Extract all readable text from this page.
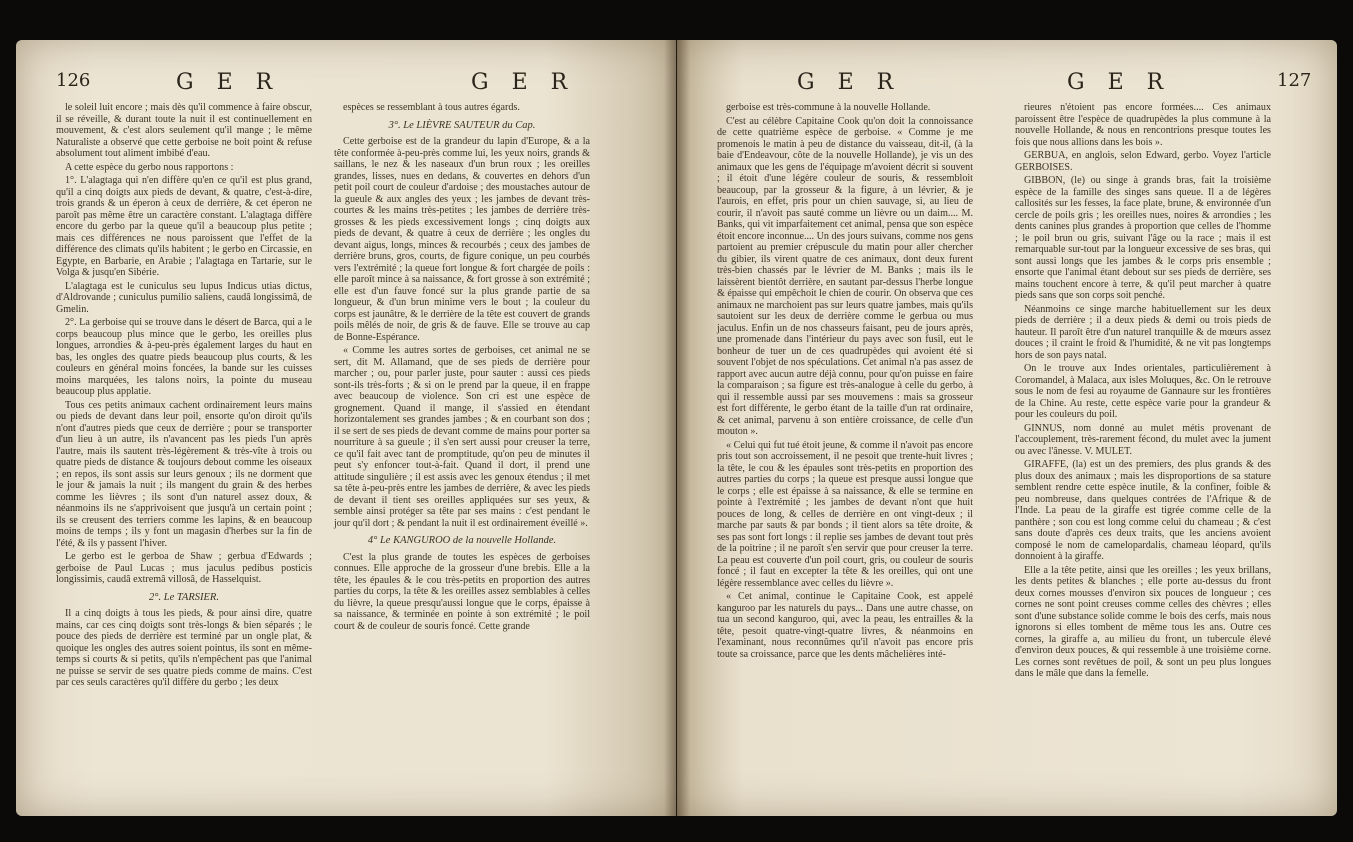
126	G E R	G E R

le soleil luit encore ; mais dès qu'il commence à faire obscur, il se réveille, & durant toute la nuit il est continuellement en mouvement, & c'est alors seulement qu'il mange ; le même Naturaliste a observé que cette gerboise ne boit point & refuse absolument tout aliment imbibé d'eau.

A cette espèce du gerbo nous rapportons :

1°. L'alagtaga qui n'en diffère qu'en ce qu'il est plus grand, qu'il a cinq doigts aux pieds de devant, & quatre, c'est-à-dire, trois grands & un éperon à ceux de derrière, & cet éperon ne paroît pas même être un caractère constant. L'alagtaga diffère encore du gerbo par la queue qu'il a beaucoup plus petite ; mais ces différences ne nous paroissent que l'effet de la différence des climats qu'ils habitent ; le gerbo en Circassie, en Egypte, en Barbarie, en Arabie ; l'alagtaga en Tartarie, sur le Volga & jusqu'en Sibérie.

L'alagtaga est le cuniculus seu lupus Indicus utias dictus, d'Aldrovande ; cuniculus pumilio saliens, caudâ longissimâ, de Gmelin.

2°. La gerboise qui se trouve dans le désert de Barca, qui a le corps beaucoup plus mince que le gerbo, les oreilles plus longues, arrondies & à-peu-près également larges du haut en bas, les ongles des quatre pieds beaucoup plus courts, & les couleurs en général moins foncées, la bande sur les cuisses moins marquées, les talons noirs, la pointe du museau beaucoup plus applatie.

Tous ces petits animaux cachent ordinairement leurs mains ou pieds de devant dans leur poil, ensorte qu'on diroit qu'ils n'ont d'autres pieds que ceux de derrière ; pour se transporter d'un lieu à un autre, ils n'avancent pas les pieds l'un après l'autre, mais ils sautent très-légèrement & très-vîte à trois ou quatre pieds de distance & toujours debout comme les oiseaux ; en repos, ils sont assis sur leurs genoux ; ils ne dorment que le jour & jamais la nuit ; ils mangent du grain & des herbes comme les lièvres ; ils sont d'un naturel assez doux, & néanmoins ils ne s'apprivoisent que jusqu'à un certain point ; ils se creusent des terriers comme les lapins, & en beaucoup moins de temps ; ils y font un magasin d'herbes sur la fin de l'été, & ils y passent l'hiver.

Le gerbo est le gerboa de Shaw ; gerbua d'Edwards ; gerboise de Paul Lucas ; mus jaculus pedibus posticis longissimis, caudâ extremâ villosâ, de Hasselquist.

2°. Le TARSIER.

Il a cinq doigts à tous les pieds, & pour ainsi dire, quatre mains, car ces cinq doigts sont très-longs & bien séparés ; le pouce des pieds de derrière est terminé par un ongle plat, & quoique les ongles des autres soient pointus, ils sont en même-temps si courts & si petits, qu'ils n'empêchent pas que l'animal ne puisse se servir de ses quatre pieds comme de mains. C'est par ces seuls caractères qu'il diffère du gerbo ; les deux

espèces se ressemblant à tous autres égards.

3°. Le LIÈVRE SAUTEUR du Cap.

Cette gerboise est de la grandeur du lapin d'Europe, & a la tête conformée à-peu-près comme lui, les yeux noirs, grands & saillans, le nez & les naseaux d'un brun roux ; les oreilles grandes, lisses, nues en dedans, & couvertes en dehors d'un petit poil court de couleur d'ardoise ; des moustaches autour de la gueule & aux angles des yeux ; les jambes de devant très-courtes & les mains très-petites ; les jambes de derrière très-grosses & les pieds excessivement longs ; cinq doigts aux pieds de devant, & quatre à ceux de derrière ; les ongles du devant aigus, longs, minces & recourbés ; ceux des jambes de derrière bruns, gros, courts, de figure conique, un peu courbés vers l'extrémité ; la queue fort longue & fort chargée de poils : elle paroît mince à sa naissance, & fort grosse à son extrémité ; elle est d'un fauve foncé sur la plus grande partie de sa longueur, & d'un brun minime vers le bout ; la couleur du corps est jaunâtre, & le derrière de la tête est couvert de grands poils mêlés de noir, de gris & de fauve. Elle se trouve au cap de Bonne-Espérance.

« Comme les autres sortes de gerboises, cet animal ne se sert, dit M. Allamand, que de ses pieds de derrière pour marcher ; ou, pour parler juste, pour sauter : aussi ces pieds sont-ils très-forts ; & si on le prend par la queue, il en frappe avec beaucoup de violence. Son cri est une espèce de grognement. Quand il mange, il s'assied en étendant horizontalement ses grandes jambes ; & en courbant son dos ; il se sert de ses pieds de devant comme de mains pour porter sa nourriture à sa gueule ; il s'en sert aussi pour creuser la terre, ce qu'il fait avec tant de promptitude, qu'on peu de minutes il peut s'y enfoncer tout-à-fait. Quand il dort, il prend une attitude singulière ; il est assis avec les genoux étendus ; il met sa tête à-peu-près entre les jambes de derrière, & avec les pieds de devant il tient ses oreilles appliquées sur ses yeux, & semble ainsi protéger sa tête par ses mains : c'est pendant le jour qu'il dort ; & pendant la nuit il est ordinairement éveillé ».

4° Le KANGUROO de la nouvelle Hollande.

C'est la plus grande de toutes les espèces de gerboises connues. Elle approche de la grosseur d'une brebis. Elle a la tête, les épaules & le cou très-petits en proportion des autres parties du corps, la tête & les oreilles assez semblables à celles du lièvre, la queue presqu'aussi longue que le corps, épaisse à sa naissance, & terminée en pointe à son extrémité ; le poil court & de couleur de souris foncé. Cette grande

G E R	G E R	127

gerboise est très-commune à la nouvelle Hollande.

C'est au célèbre Capitaine Cook qu'on doit la connoissance de cette quatrième espèce de gerboise. « Comme je me promenois le matin à peu de distance du vaisseau, dit-il, (à la baie d'Endeavour, côte de la nouvelle Hollande), je vis un des animaux que les gens de l'équipage m'avoient décrit si souvent ; il étoit d'une légère couleur de souris, & ressembloit beaucoup, par la grosseur & la figure, à un lévrier, & je l'aurois, en effet, pris pour un chien sauvage, si, au lieu de courir, il n'avoit pas sauté comme un lièvre ou un daim.... M. Banks, qui vit imparfaitement cet animal, pensa que son espèce étoit encore inconnue.... Un des jours suivans, comme nos gens partoient au premier crépuscule du matin pour aller chercher du gibier, ils virent quatre de ces animaux, dont deux furent très-bien chassés par le lévrier de M. Banks ; mais ils le laissèrent bientôt derrière, en sautant par-dessus l'herbe longue & épaisse qui empêchoit le chien de courir. On observa que ces animaux ne marchoient pas sur leurs quatre jambes, mais qu'ils sautoient sur les deux de derrière comme le gerbua ou mus jaculus. Enfin un de nos chasseurs faisant, peu de jours après, une promenade dans l'intérieur du pays avec son fusil, eut le bonheur de tuer un de ces quadrupèdes qui avoient été si souvent l'objet de nos spéculations. Cet animal n'a pas assez de rapport avec aucun autre déjà connu, pour qu'on puisse en faire la comparaison ; sa figure est très-analogue à celle du gerbo, à qui il ressemble aussi par ses mouvemens : mais sa grosseur est fort différente, le gerbo étant de la taille d'un rat ordinaire, & cet animal, parvenu à son entière croissance, de celle d'un mouton ».

« Celui qui fut tué étoit jeune, & comme il n'avoit pas encore pris tout son accroissement, il ne pesoit que trente-huit livres ; la tête, le cou & les épaules sont très-petits en proportion des autres parties du corps ; la queue est presque aussi longue que le corps ; elle est épaisse à sa naissance, & elle se termine en pointe à l'extrémité ; les jambes de devant n'ont que huit pouces de long, & celles de derrière en ont vingt-deux ; il marche par sauts & par bonds ; il tient alors sa tête droite, & ses pas sont fort longs : il replie ses jambes de devant tout près de la poitrine ; il ne paroît s'en servir que pour creuser la terre. La peau est couverte d'un poil court, gris, ou couleur de souris foncé ; il faut en excepter la tête & les oreilles, qui ont une légère ressemblance avec celles du lièvre ».

« Cet animal, continue le Capitaine Cook, est appelé kanguroo par les naturels du pays... Dans une autre chasse, on tua un second kanguroo, qui, avec la peau, les entrailles & la tête, pesoit quatre-vingt-quatre livres, & néanmoins en l'examinant, nous reconnûmes qu'il n'avoit pas encore pris toute sa croissance, parce que les dents mâchelières inté-

rieures n'étoient pas encore formées.... Ces animaux paroissent être l'espèce de quadrupèdes la plus commune à la nouvelle Hollande, & nous en rencontrions presque toutes les fois que nous allions dans les bois ».

GERBUA, en anglois, selon Edward, gerbo. Voyez l'article GERBOISES.

GIBBON, (le) ou singe à grands bras, fait la troisième espèce de la famille des singes sans queue. Il a de légères callosités sur les fesses, la face plate, brune, & environnée d'un cercle de poils gris ; les oreilles nues, noires & arrondies ; les dents canines plus grandes à proportion que celles de l'homme ; le poil brun ou gris, suivant l'âge ou la race ; mais il est remarquable sur-tout par la longueur excessive de ses bras, qui sont aussi longs que les jambes & le corps pris ensemble ; ensorte que l'animal étant debout sur ses pieds de derrière, ses mains touchent encore à terre, & qu'il peut marcher à quatre pieds sans que son corps soit penché.

Néanmoins ce singe marche habituellement sur les deux pieds de derrière ; il a deux pieds & demi ou trois pieds de hauteur. Il paroît être d'un naturel tranquille & de mœurs assez douces ; il craint le froid & l'humidité, & ne vit pas longtemps hors de son pays natal.

On le trouve aux Indes orientales, particulièrement à Coromandel, à Malaca, aux isles Moluques, &c. On le retrouve sous le nom de fesi au royaume de Gannaure sur les frontières de la Chine. Au reste, cette espèce varie pour la grandeur & pour les couleurs du poil.

GINNUS, nom donné au mulet métis provenant de l'accouplement, très-rarement fécond, du mulet avec la jument ou avec l'ânesse. V. MULET.

GIRAFFE, (la) est un des premiers, des plus grands & des plus doux des animaux ; mais les disproportions de sa stature semblent rendre cette espèce inutile, & la confiner, foible & peu nombreuse, dans quelques contrées de l'Afrique & de l'Inde. La peau de la giraffe est tigrée comme celle de la panthère ; son cou est long comme celui du chameau ; & c'est sans doute d'après ces deux traits, que les anciens avoient composé le nom de camelopardalis, chameau léopard, qu'ils donnoient à la giraffe.

Elle a la tête petite, ainsi que les oreilles ; les yeux brillans, les dents petites & blanches ; elle porte au-dessus du front deux cornes mousses d'environ six pouces de longueur ; ces cornes ne sont point creuses comme celles des chèvres ; elles sont d'une substance solide comme le bois des cerfs, mais nous ignorons si elles tombent de même tous les ans. Outre ces cornes, la giraffe a, au milieu du front, un tubercule élevé d'environ deux pouces, & qui ressemble à une troisième corne. Les cornes sont revêtues de poil, & sont un peu plus longues dans le mâle que dans la femelle.
